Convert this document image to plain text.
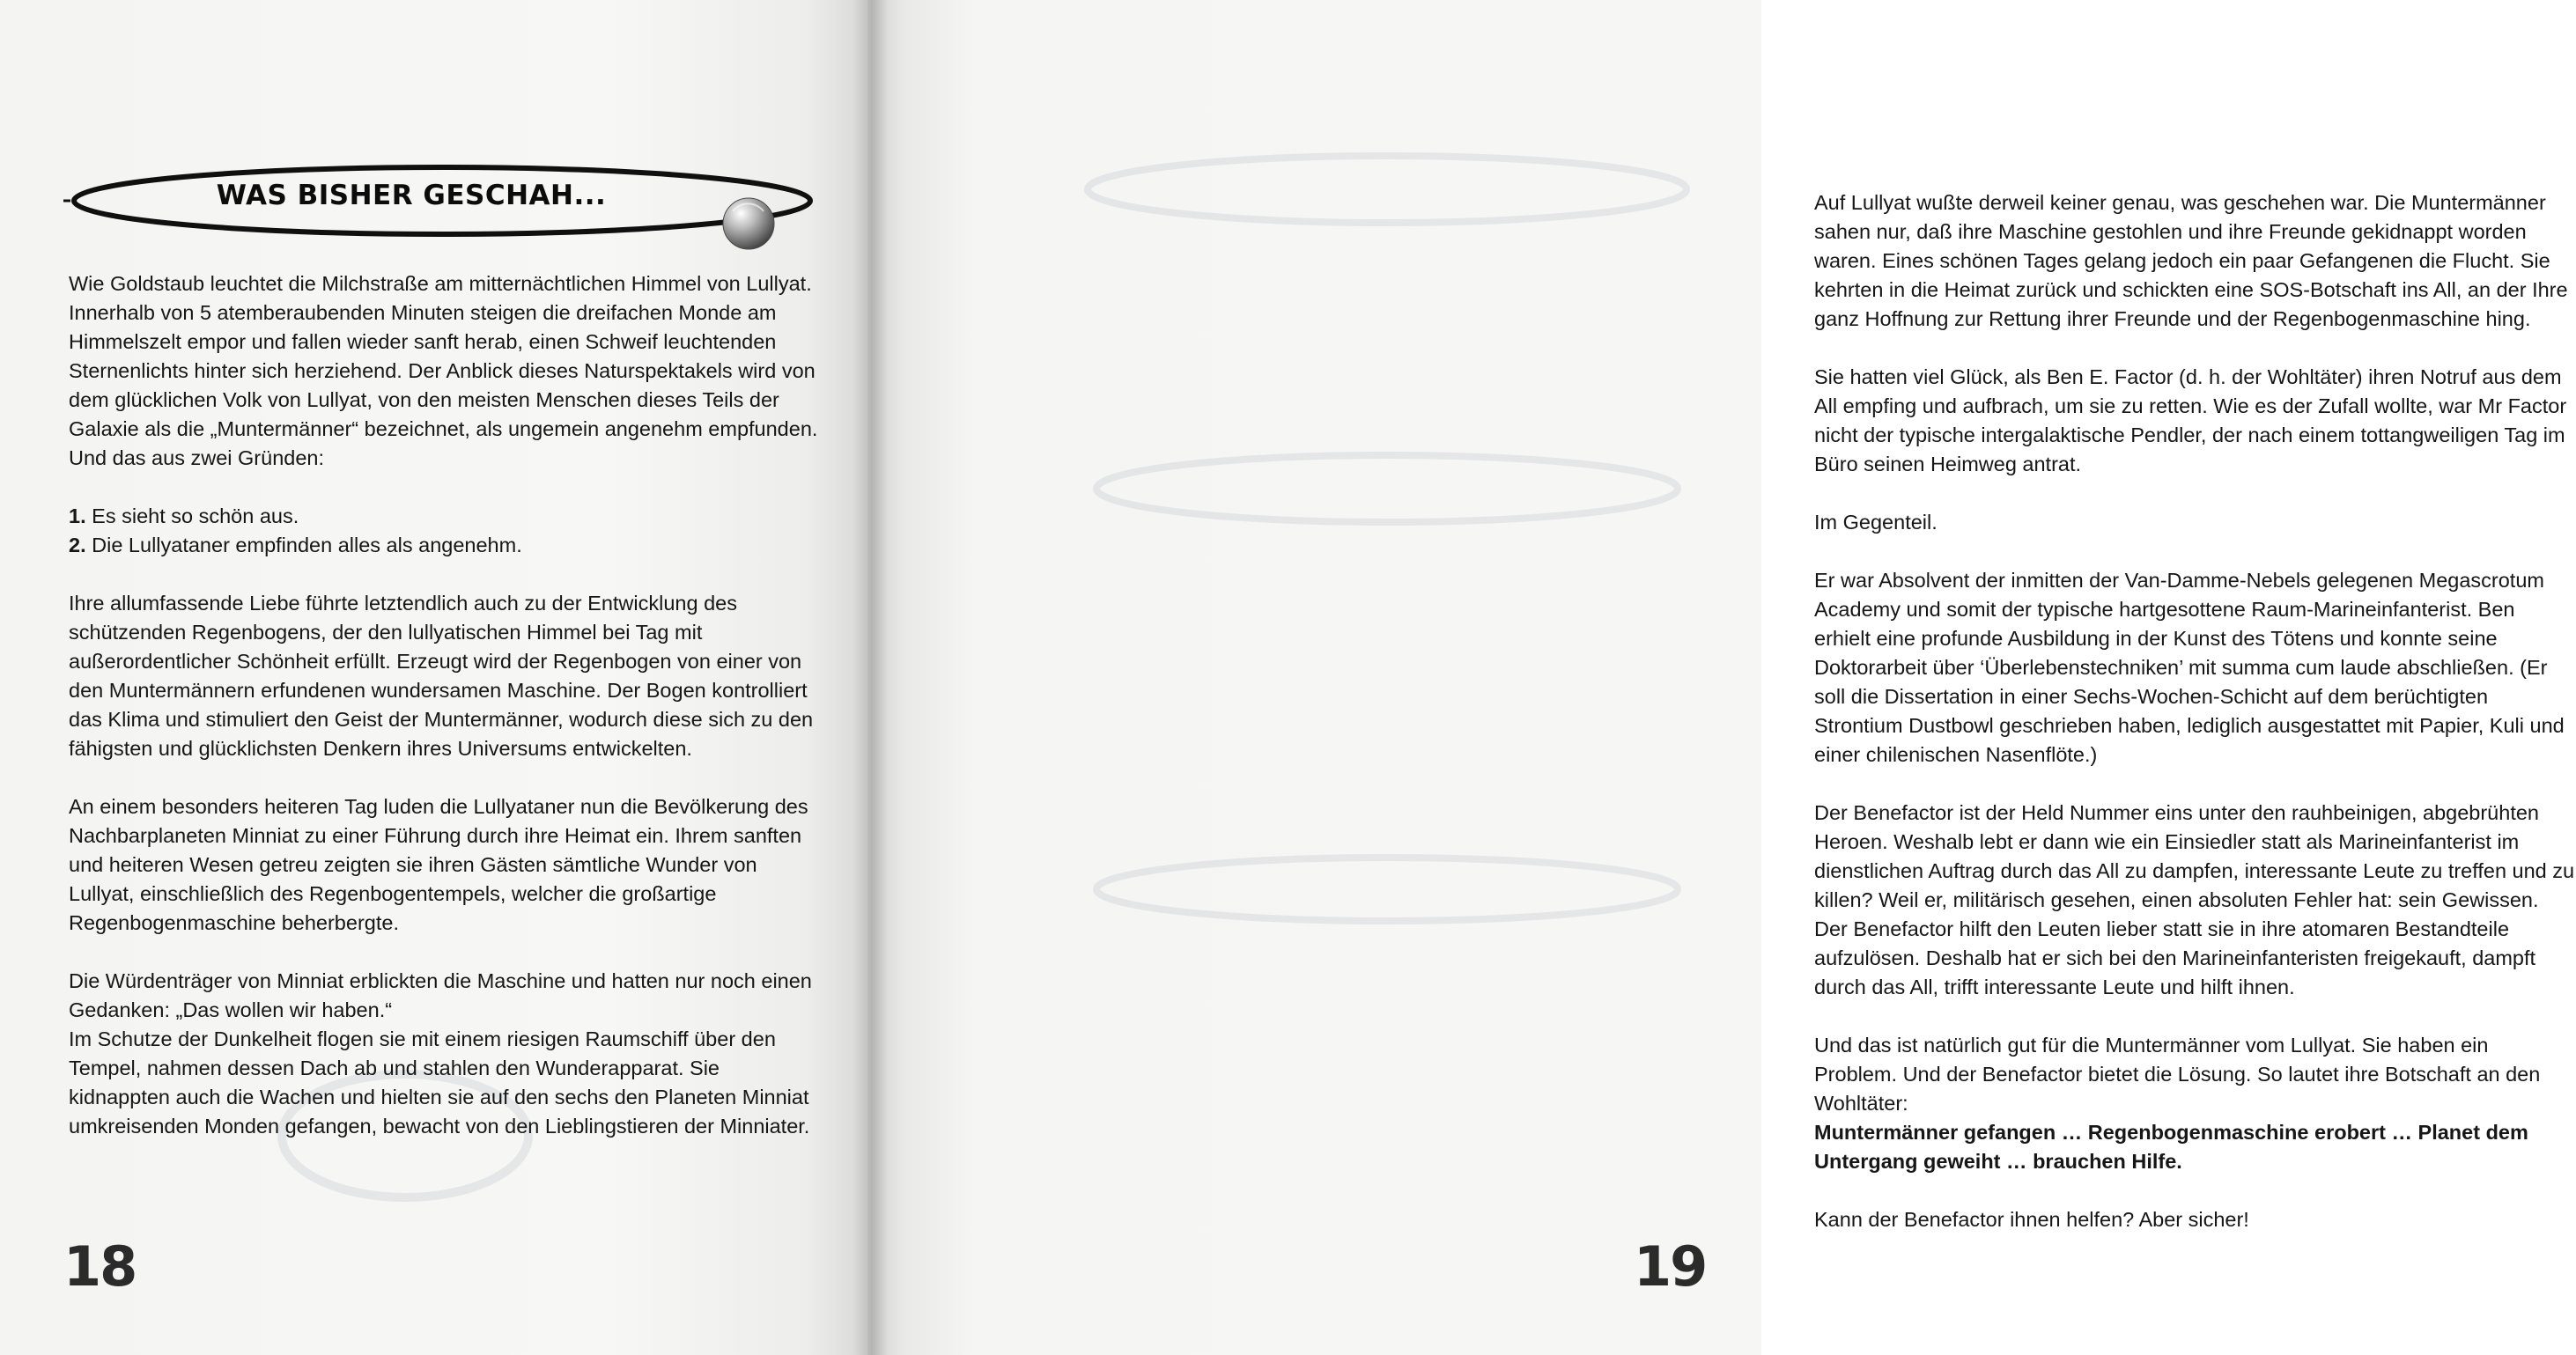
WAS BISHER GESCHAH...

Wie Goldstaub leuchtet die Milchstraße am mitternächtlichen Himmel von Lullyat. Innerhalb von 5 atemberaubenden Minuten steigen die dreifachen Monde am Himmelszelt empor und fallen wieder sanft herab, einen Schweif leuchtenden Sternenlichts hinter sich herziehend. Der Anblick dieses Naturspektakels wird von dem glücklichen Volk von Lullyat, von den meisten Menschen dieses Teils der Galaxie als die „Muntermänner“ bezeichnet, als ungemein angenehm empfunden. Und das aus zwei Gründen:

1. Es sieht so schön aus.
2. Die Lullyataner empfinden alles als angenehm.

Ihre allumfassende Liebe führte letztendlich auch zu der Entwicklung des schützenden Regenbogens, der den lullyatischen Himmel bei Tag mit außerordentlicher Schönheit erfüllt. Erzeugt wird der Regenbogen von einer von den Muntermännern erfundenen wundersamen Maschine. Der Bogen kontrolliert das Klima und stimuliert den Geist der Muntermänner, wodurch diese sich zu den fähigsten und glücklichsten Denkern ihres Universums entwickelten.

An einem besonders heiteren Tag luden die Lullyataner nun die Bevölkerung des Nachbarplaneten Minniat zu einer Führung durch ihre Heimat ein. Ihrem sanften und heiteren Wesen getreu zeigten sie ihren Gästen sämtliche Wunder von Lullyat, einschließlich des Regenbogentempels, welcher die großartige Regenbogenmaschine beherbergte.

Die Würdenträger von Minniat erblickten die Maschine und hatten nur noch einen Gedanken: „Das wollen wir haben.“

Im Schutze der Dunkelheit flogen sie mit einem riesigen Raumschiff über den Tempel, nahmen dessen Dach ab und stahlen den Wunderapparat. Sie kidnappten auch die Wachen und hielten sie auf den sechs den Planeten Minniat umkreisenden Monden gefangen, bewacht von den Lieblingstieren der Minniater.

18

Auf Lullyat wußte derweil keiner genau, was geschehen war. Die Muntermänner sahen nur, daß ihre Maschine gestohlen und ihre Freunde gekidnappt worden waren. Eines schönen Tages gelang jedoch ein paar Gefangenen die Flucht. Sie kehrten in die Heimat zurück und schickten eine SOS-Botschaft ins All, an der Ihre ganz Hoffnung zur Rettung ihrer Freunde und der Regenbogenmaschine hing.

Sie hatten viel Glück, als Ben E. Factor (d. h. der Wohltäter) ihren Notruf aus dem All empfing und aufbrach, um sie zu retten. Wie es der Zufall wollte, war Mr Factor nicht der typische intergalaktische Pendler, der nach einem tottangweiligen Tag im Büro seinen Heimweg antrat.

Im Gegenteil.

Er war Absolvent der inmitten der Van-Damme-Nebels gelegenen Megascrotum Academy und somit der typische hartgesottene Raum-Marineinfanterist. Ben erhielt eine profunde Ausbildung in der Kunst des Tötens und konnte seine Doktorarbeit über ‘Überlebenstechniken’ mit summa cum laude abschließen. (Er soll die Dissertation in einer Sechs-Wochen-Schicht auf dem berüchtigten Strontium Dustbowl geschrieben haben, lediglich ausgestattet mit Papier, Kuli und einer chilenischen Nasenflöte.)

Der Benefactor ist der Held Nummer eins unter den rauhbeinigen, abgebrühten Heroen. Weshalb lebt er dann wie ein Einsiedler statt als Marineinfanterist im dienstlichen Auftrag durch das All zu dampfen, interessante Leute zu treffen und zu killen? Weil er, militärisch gesehen, einen absoluten Fehler hat: sein Gewissen. Der Benefactor hilft den Leuten lieber statt sie in ihre atomaren Bestandteile aufzulösen. Deshalb hat er sich bei den Marineinfanteristen freigekauft, dampft durch das All, trifft interessante Leute und hilft ihnen.

Und das ist natürlich gut für die Muntermänner vom Lullyat. Sie haben ein Problem. Und der Benefactor bietet die Lösung. So lautet ihre Botschaft an den Wohltäter:

Muntermänner gefangen … Regenbogenmaschine erobert … Planet dem Untergang geweiht … brauchen Hilfe.

Kann der Benefactor ihnen helfen? Aber sicher!

19
